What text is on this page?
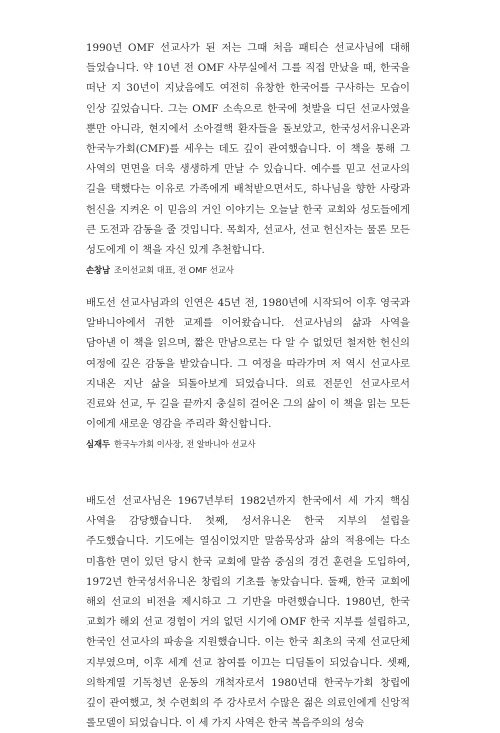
1990년 OMF 선교사가 된 저는 그때 처음 패티슨 선교사님에 대해 들었습니다. 약 10년 전 OMF 사무실에서 그를 직접 만났을 때, 한국을 떠난 지 30년이 지났음에도 여전히 유창한 한국어를 구사하는 모습이 인상 깊었습니다. 그는 OMF 소속으로 한국에 첫발을 디딘 선교사였을 뿐만 아니라, 현지에서 소아결핵 환자들을 돌보았고, 한국성서유니온과 한국누가회(CMF)를 세우는 데도 깊이 관여했습니다. 이 책을 통해 그 사역의 면면을 더욱 생생하게 만날 수 있습니다. 예수를 믿고 선교사의 길을 택했다는 이유로 가족에게 배척받으면서도, 하나님을 향한 사랑과 헌신을 지켜온 이 믿음의 거인 이야기는 오늘날 한국 교회와 성도들에게 큰 도전과 감동을 줄 것입니다. 목회자, 선교사, 선교 헌신자는 물론 모든 성도에게 이 책을 자신 있게 추천합니다.

손창남 조이선교회 대표, 전 OMF 선교사

배도선 선교사님과의 인연은 45년 전, 1980년에 시작되어 이후 영국과 알바니아에서 귀한 교제를 이어왔습니다. 선교사님의 삶과 사역을 담아낸 이 책을 읽으며, 짧은 만남으로는 다 알 수 없었던 철저한 헌신의 여정에 깊은 감동을 받았습니다. 그 여정을 따라가며 저 역시 선교사로 지내온 지난 삶을 되돌아보게 되었습니다. 의료 전문인 선교사로서 진료와 선교, 두 길을 끝까지 충실히 걸어온 그의 삶이 이 책을 읽는 모든 이에게 새로운 영감을 주리라 확신합니다.

심재두 한국누가회 이사장, 전 알바니아 선교사

배도선 선교사님은 1967년부터 1982년까지 한국에서 세 가지 핵심 사역을 감당했습니다. 첫째, 성서유니온 한국 지부의 설립을 주도했습니다. 기도에는 열심이었지만 말씀묵상과 삶의 적용에는 다소 미흡한 면이 있던 당시 한국 교회에 말씀 중심의 경건 훈련을 도입하여, 1972년 한국성서유니온 창립의 기초를 놓았습니다. 둘째, 한국 교회에 해외 선교의 비전을 제시하고 그 기반을 마련했습니다. 1980년, 한국 교회가 해외 선교 경험이 거의 없던 시기에 OMF 한국 지부를 설립하고, 한국인 선교사의 파송을 지원했습니다. 이는 한국 최초의 국제 선교단체 지부였으며, 이후 세계 선교 참여를 이끄는 디딤돌이 되었습니다. 셋째, 의학계열 기독청년 운동의 개척자로서 1980년대 한국누가회 창립에 깊이 관여했고, 첫 수련회의 주 강사로서 수많은 젊은 의료인에게 신앙적 롤모델이 되었습니다. 이 세 가지 사역은 한국 복음주의의 성숙
